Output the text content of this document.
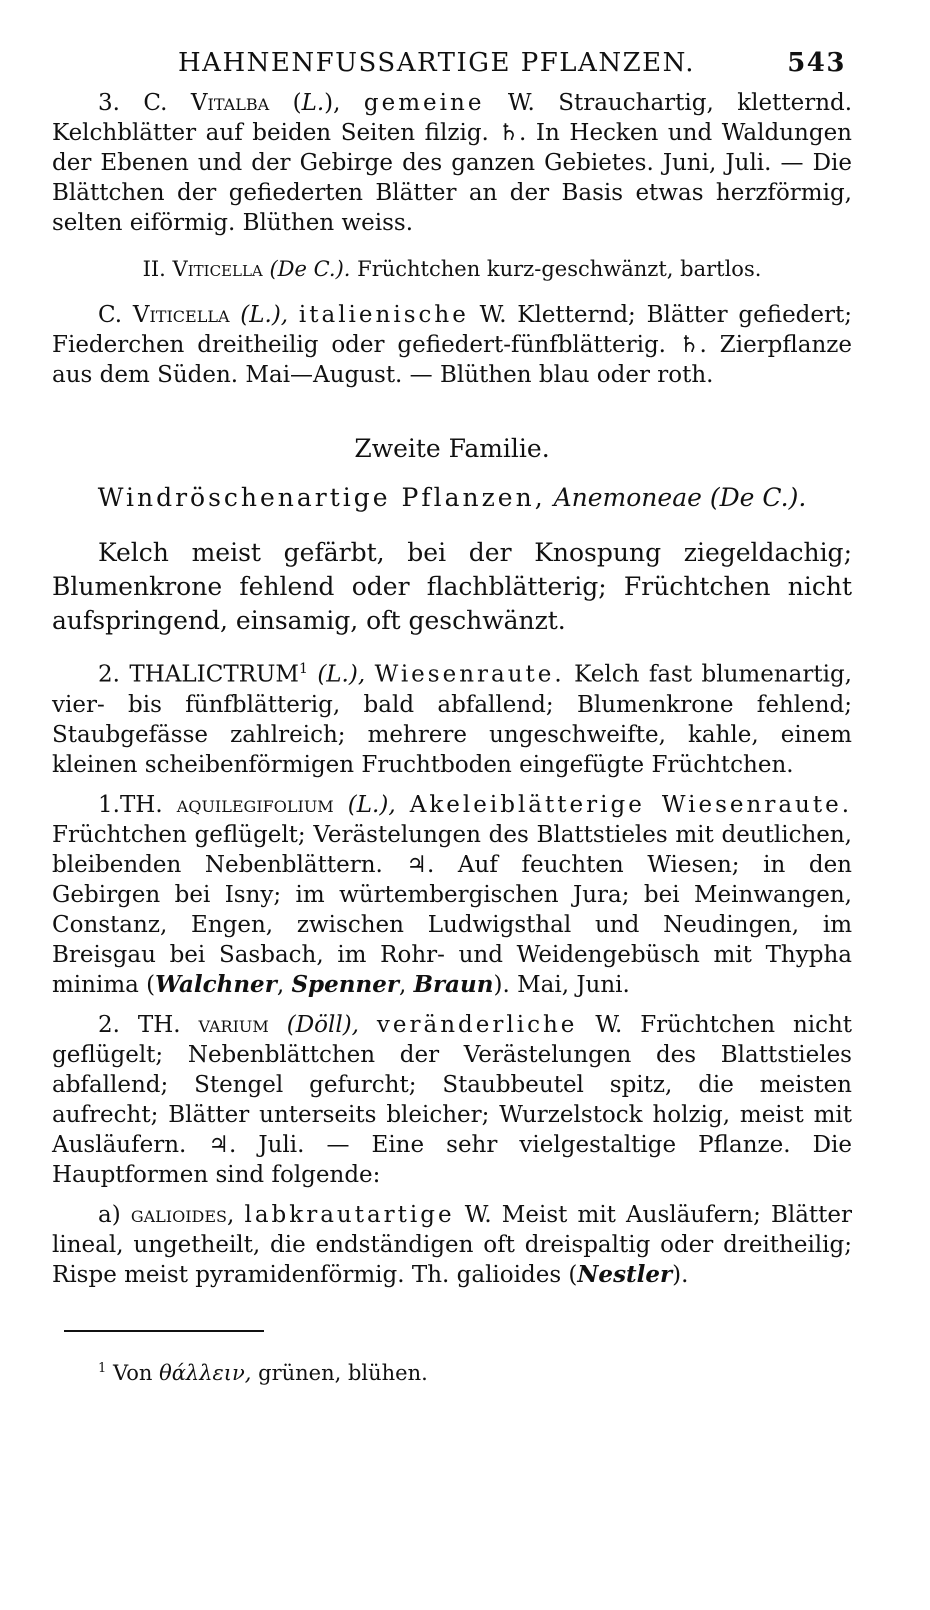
HAHNENFUSSARTIGE PFLANZEN.	543

3. C. Vitalba (L.), gemeine W. Strauchartig, kletternd. Kelchblätter auf beiden Seiten filzig. ♄. In Hecken und Waldungen der Ebenen und der Gebirge des ganzen Gebietes. Juni, Juli. — Die Blättchen der gefiederten Blätter an der Basis etwas herzförmig, selten eiförmig. Blüthen weiss.

II. Viticella (De C.). Früchtchen kurz-geschwänzt, bartlos.

C. Viticella (L.), italienische W. Kletternd; Blätter gefiedert; Fiederchen dreitheilig oder gefiedert-fünfblätterig. ♄. Zierpflanze aus dem Süden. Mai—August. — Blüthen blau oder roth.

Zweite Familie.
Windröschenartige Pflanzen, Anemoneae (De C.).

Kelch meist gefärbt, bei der Knospung ziegeldachig; Blumenkrone fehlend oder flachblätterig; Früchtchen nicht aufspringend, einsamig, oft geschwänzt.

2. THALICTRUM$^1$ (L.), Wiesenraute. Kelch fast blumenartig, vier- bis fünfblätterig, bald abfallend; Blumenkrone fehlend; Staubgefässe zahlreich; mehrere ungeschweifte, kahle, einem kleinen scheibenförmigen Fruchtboden eingefügte Früchtchen.

1.TH. aquilegifolium (L.), Akeleiblätterige Wiesenraute. Früchtchen geflügelt; Verästelungen des Blattstieles mit deutlichen, bleibenden Nebenblättern. ♃. Auf feuchten Wiesen; in den Gebirgen bei Isny; im würtembergischen Jura; bei Meinwangen, Constanz, Engen, zwischen Ludwigsthal und Neudingen, im Breisgau bei Sasbach, im Rohr- und Weidengebüsch mit Thypha minima (Walchner, Spenner, Braun). Mai, Juni.

2. TH. varium (Döll), veränderliche W. Früchtchen nicht geflügelt; Nebenblättchen der Verästelungen des Blattstieles abfallend; Stengel gefurcht; Staubbeutel spitz, die meisten aufrecht; Blätter unterseits bleicher; Wurzelstock holzig, meist mit Ausläufern. ♃. Juli. — Eine sehr vielgestaltige Pflanze. Die Hauptformen sind folgende:

a) galioides, labkrautartige W. Meist mit Ausläufern; Blätter lineal, ungetheilt, die endständigen oft dreispaltig oder dreitheilig; Rispe meist pyramidenförmig. Th. galioides (Nestler).

$^1$ Von θάλλειν, grünen, blühen.
